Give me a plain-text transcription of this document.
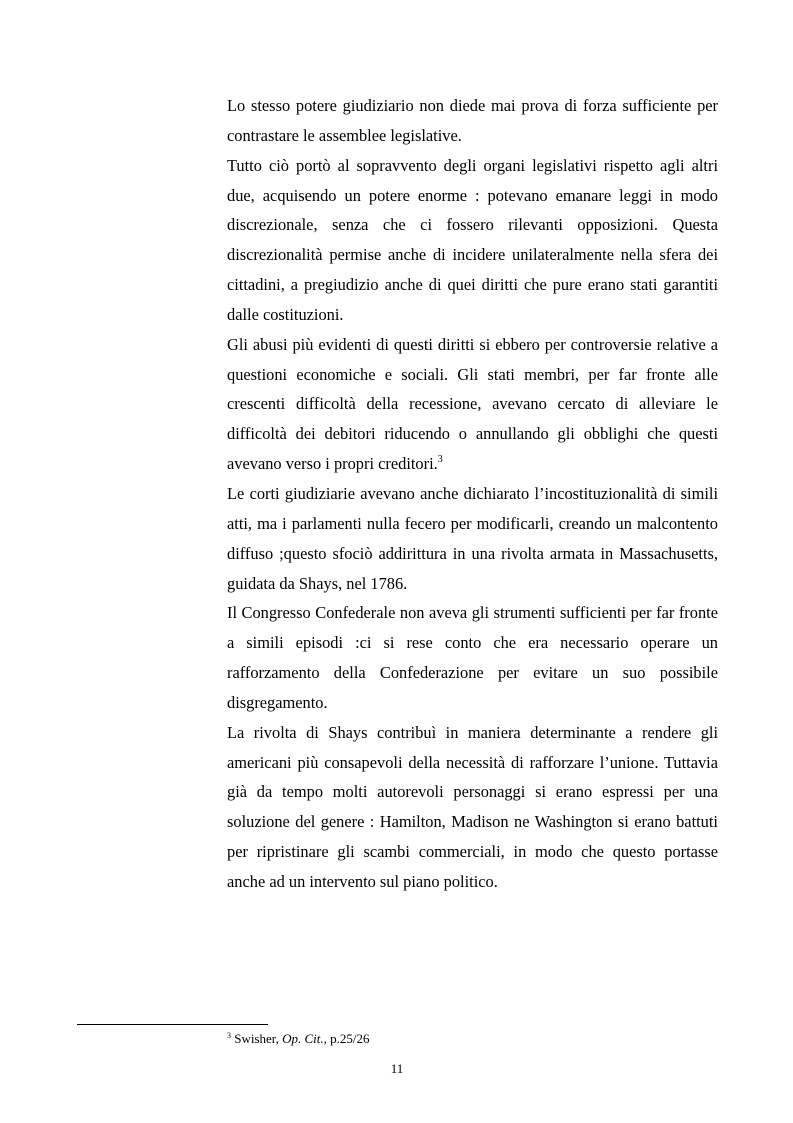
Lo stesso potere giudiziario non diede mai prova di forza sufficiente per contrastare le assemblee legislative.

Tutto ciò portò al sopravvento degli organi legislativi rispetto agli altri due, acquisendo un potere enorme : potevano emanare leggi in modo discrezionale, senza che ci fossero rilevanti opposizioni. Questa discrezionalità permise anche di incidere unilateralmente nella sfera dei cittadini, a pregiudizio anche di quei diritti che pure erano stati garantiti dalle costituzioni.

Gli abusi più evidenti di questi diritti si ebbero per controversie relative a questioni economiche e sociali. Gli stati membri, per far fronte alle crescenti difficoltà della recessione, avevano cercato di alleviare le difficoltà dei debitori riducendo o annullando gli obblighi che questi avevano verso i propri creditori.$^3$

Le corti giudiziarie avevano anche dichiarato l’incostituzionalità di simili atti, ma i parlamenti nulla fecero per modificarli, creando un malcontento diffuso ;questo sfociò addirittura in una rivolta armata in Massachusetts, guidata da Shays, nel 1786.

Il Congresso Confederale non aveva gli strumenti sufficienti per far fronte a simili episodi :ci si rese conto che era necessario operare un rafforzamento della Confederazione per evitare un suo possibile disgregamento.

La rivolta di Shays contribuì in maniera determinante a rendere gli americani più consapevoli della necessità di rafforzare l’unione. Tuttavia già da tempo molti autorevoli personaggi si erano espressi per una soluzione del genere : Hamilton, Madison ne Washington si erano battuti per ripristinare gli scambi commerciali, in modo che questo portasse anche ad un intervento sul piano politico.

$^3$ Swisher, Op. Cit., p.25/26
11
